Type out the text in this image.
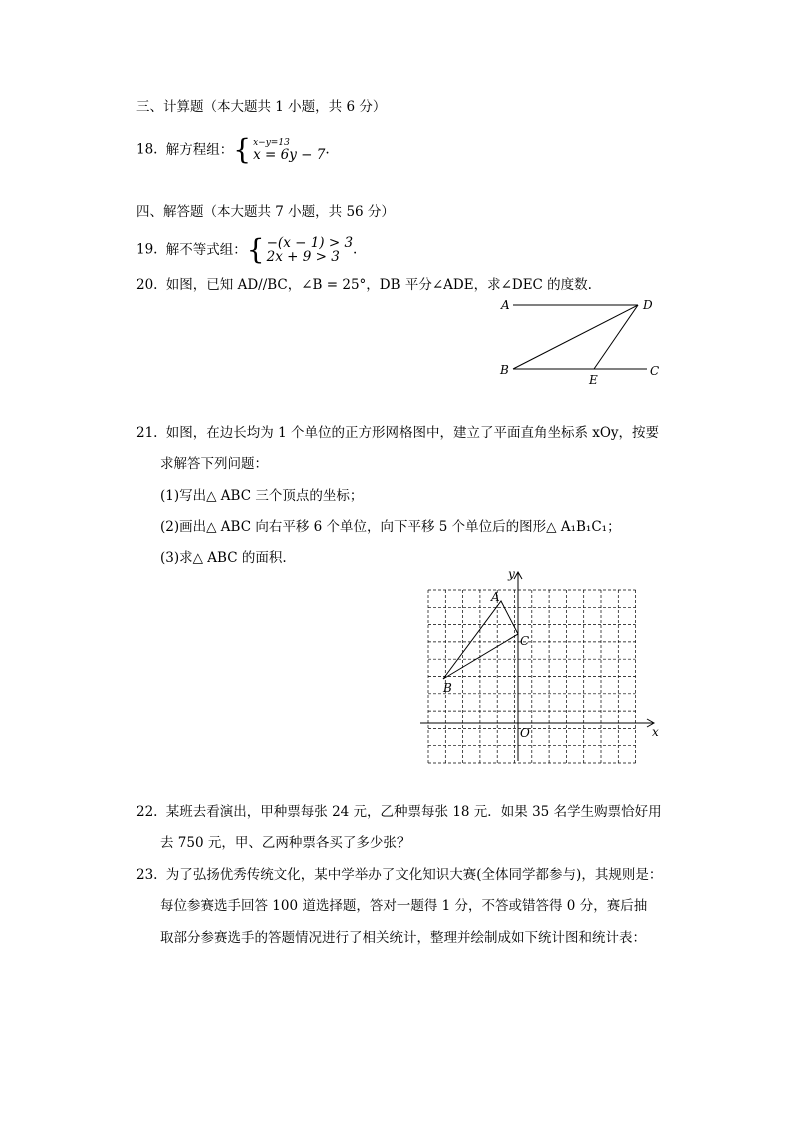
三、计算题（本大题共 1 小题，共 6 分）
18. 解方程组： { x−y=13
x = 6y − 7 .
四、解答题（本大题共 7 小题，共 56 分）
19. 解不等式组： { −(x − 1) > 3
2x + 9 > 3 .
20. 如图，已知 AD//BC，∠B = 25°，DB 平分∠ADE，求∠DEC 的度数.
A	D
B
E
C
21. 如图，在边长均为 1 个单位的正方形网格图中，建立了平面直角坐标系 xOy，按要
求解答下列问题：
(1)写出△ ABC 三个顶点的坐标；
(2)画出△ ABC 向右平移 6 个单位，向下平移 5 个单位后的图形△ A₁B₁C₁；
(3)求△ ABC 的面积.
A
C
B
O	x
y
22. 某班去看演出，甲种票每张 24 元，乙种票每张 18 元．如果 35 名学生购票恰好用
去 750 元，甲、乙两种票各买了多少张？
23. 为了弘扬优秀传统文化，某中学举办了文化知识大赛(全体同学都参与)，其规则是：
每位参赛选手回答 100 道选择题，答对一题得 1 分，不答或错答得 0 分，赛后抽
取部分参赛选手的答题情况进行了相关统计，整理并绘制成如下统计图和统计表：
